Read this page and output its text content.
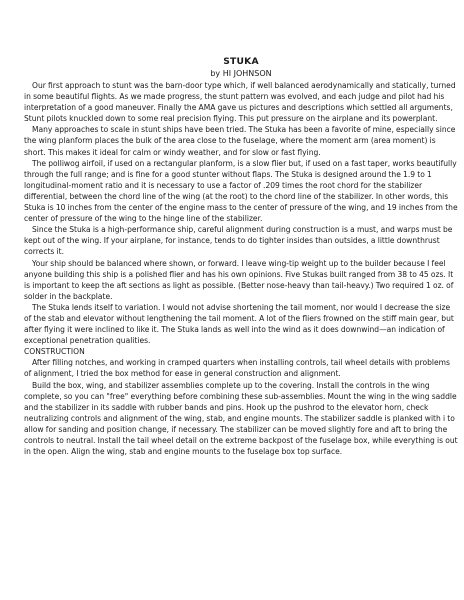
STUKA

by HI JOHNSON

Our first approach to stunt was the barn-door type which, if well balanced aerodynamically and statically, turned in some beautiful flights. As we made progress, the stunt pattern was evolved, and each judge and pilot had his interpretation of a good maneuver. Finally the AMA gave us pictures and descriptions which settled all arguments, Stunt pilots knuckled down to some real precision flying. This put pressure on the airplane and its powerplant.

Many approaches to scale in stunt ships have been tried. The Stuka has been a favorite of mine, especially since the wing planform places the bulk of the area close to the fuselage, where the moment arm (area moment) is short. This makes it ideal for calm or windy weather, and for slow or fast flying.

The polliwog airfoil, if used on a rectangular planform, is a slow flier but, if used on a fast taper, works beautifully through the full range; and is fine for a good stunter without flaps. The Stuka is designed around the 1.9 to 1 longitudinal-moment ratio and it is necessary to use a factor of .209 times the root chord for the stabilizer differential, between the chord line of the wing (at the root) to the chord line of the stabilizer. In other words, this Stuka is 10 inches from the center of the engine mass to the center of pressure of the wing, and 19 inches from the center of pressure of the wing to the hinge line of the stabilizer.

Since the Stuka is a high-performance ship, careful alignment during construction is a must, and warps must be kept out of the wing. If your airplane, for instance, tends to do tighter insides than outsides, a little downthrust corrects it.

Your ship should be balanced where shown, or forward. I leave wing-tip weight up to the builder because I feel anyone building this ship is a polished flier and has his own opinions. Five Stukas built ranged from 38 to 45 ozs. It is important to keep the aft sections as light as possible. (Better nose-heavy than tail-heavy.) Two required 1 oz. of solder in the backplate.

The Stuka lends itself to variation. I would not advise shortening the tail moment, nor would I decrease the size of the stab and elevator without lengthening the tail moment. A lot of the fliers frowned on the stiff main gear, but after flying it were inclined to like it. The Stuka lands as well into the wind as it does downwind—an indication of exceptional penetration qualities.

CONSTRUCTION

After filling notches, and working in cramped quarters when installing controls, tail wheel details with problems of alignment, I tried the box method for ease in general construction and alignment.

Build the box, wing, and stabilizer assemblies complete up to the covering. Install the controls in the wing complete, so you can "free" everything before combining these sub-assemblies. Mount the wing in the wing saddle and the stabilizer in its saddle with rubber bands and pins. Hook up the pushrod to the elevator horn, check neutralizing controls and alignment of the wing, stab, and engine mounts. The stabilizer saddle is planked with i to allow for sanding and position change, if necessary. The stabilizer can be moved slightly fore and aft to bring the controls to neutral. Install the tail wheel detail on the extreme backpost of the fuselage box, while everything is out in the open. Align the wing, stab and engine mounts to the fuselage box top surface.
